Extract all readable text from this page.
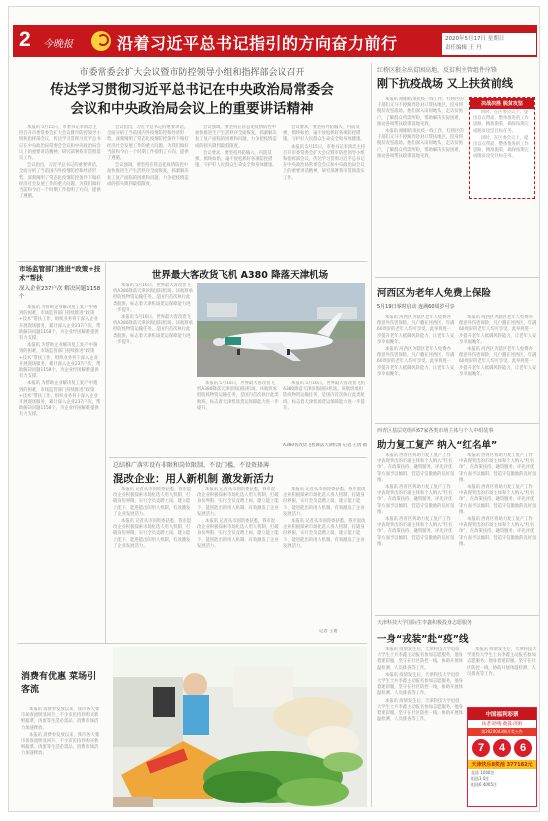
2 今晚报	沿着习近平总书记指引的方向奋力前行	2020年5月17日 星期日
责任编辑 王 丹
市委常委会扩大会议暨市防控领导小组和指挥部会议召开
传达学习贯彻习近平总书记在中央政治局常委会
会议和中央政治局会议上的重要讲话精神

本报讯 5月15日，市委书记李鸿忠主持召开市委常委会扩大会议暨市防控领导小组和指挥部会议，传达学习贯彻习近平总书记在中央政治局常委会会议和中央政治局会议上的重要讲话精神，研究部署我市贯彻落实工作。

会议指出，习近平总书记的重要讲话，全面分析了当前国内外疫情防控和经济形势，深刻阐明了常态化疫情防控条件下做好经济社会发展工作的重大问题，为我们做好当前和今后一个时期工作指明了方向、提供了遵循。

会议指出，习近平总书记的重要讲话，全面分析了当前国内外疫情防控和经济形势，深刻阐明了常态化疫情防控条件下做好经济社会发展工作的重大问题，为我们做好当前和今后一个时期工作指明了方向、提供了遵循。

会议强调，要坚持在常态化疫情防控中加快推进生产生活秩序全面恢复，抓紧解决复工复产面临的困难和问题，力争把疫情造成的损失降到最低限度。

会议强调，要坚持在常态化疫情防控中加快推进生产生活秩序全面恢复，抓紧解决复工复产面临的困难和问题，力争把疫情造成的损失降到最低限度。

会议要求，要坚持外防输入、内防反弹，慎终如始、毫不放松抓好各项防控措施，守护好人民群众生命安全和身体健康。

会议要求，要坚持外防输入、内防反弹，慎终如始、毫不放松抓好各项防控措施，守护好人民群众生命安全和身体健康。

本报讯 5月15日，市委书记李鸿忠主持召开市委常委会扩大会议暨市防控领导小组和指挥部会议，传达学习贯彻习近平总书记在中央政治局常委会会议和中央政治局会议上的重要讲话精神，研究部署我市贯彻落实工作。

红桥区狠全出贫困高地，反贫利主管组件序锋
刚下抗疫战场 又上扶贫前线

本报讯 刚刚结束抗疫一线工作，红桥区的干部们又马不停蹄奔赴对口帮扶地区，投身到脱贫攻坚战场。他们深入田间地头，走访贫困户，了解群众所需所盼，帮助解决实际困难，推动各项帮扶政策落地见效。

本报讯 刚刚结束抗疫一线工作，红桥区的干部们又马不停蹄奔赴对口帮扶地区，投身到脱贫攻坚战场。他们深入田间地头，走访贫困户，了解群众所需所盼，帮助解决实际困难，推动各项帮扶政策落地见效。

决战决胜 脱贫攻坚

同时，在区委会议上，提出以点带面、整体推进的工作思路，精准施策，确保按期完成脱贫攻坚目标任务。

同时，在区委会议上，提出以点带面、整体推进的工作思路，精准施策，确保按期完成脱贫攻坚目标任务。

市场监管部门推进“政策+技术”帮扶
深入企业237户次 解决问题1158个

本报讯 为帮助企业解决复工复产中遇到的困难，市场监管部门持续推进“政策+技术”帮扶工作，组织业务骨干深入企业开展现场服务，累计深入企业237户次，帮助解决问题1158个，为企业纾困解难提供有力支撑。

本报讯 为帮助企业解决复工复产中遇到的困难，市场监管部门持续推进“政策+技术”帮扶工作，组织业务骨干深入企业开展现场服务，累计深入企业237户次，帮助解决问题1158个，为企业纾困解难提供有力支撑。

本报讯 为帮助企业解决复工复产中遇到的困难，市场监管部门持续推进“政策+技术”帮扶工作，组织业务骨干深入企业开展现场服务，累计深入企业237户次，帮助解决问题1158个，为企业纾困解难提供有力支撑。

世界最大客改货飞机 A380 降落天津机场

本报讯 5月16日，世界最大客改货飞机A380降落天津滨海国际机场。该航班承担防疫物资运输任务，是国内首次执行此类航班，标志着天津机场货运保障能力进一步提升。

本报讯 5月16日，世界最大客改货飞机A380降落天津滨海国际机场。该航班承担防疫物资运输任务，是国内首次执行此类航班，标志着天津机场货运保障能力进一步提升。

本报讯 5月16日，世界最大客改货飞机A380降落天津滨海国际机场。该航班承担防疫物资运输任务，是国内首次执行此类航班，标志着天津机场货运保障能力进一步提升。

本报讯 5月16日，世界最大客改货飞机A380降落天津滨海国际机场。该航班承担防疫物资运输任务，是国内首次执行此类航班，标志着天津机场货运保障能力进一步提升。

A380客改货飞机降落天津机场 记者 王倩 摄
总结推广落实设有非限和岗位限制，不设门槛，不设资择薄
混改企业：用人新机制 激发新活力

本报讯 记者从市国资委获悉，我市混改企业积极探索市场化选人用人机制，打破身份界限，实行全员竞聘上岗，建立能上能下、能进能出的用人机制，有效激发了企业发展活力。

本报讯 记者从市国资委获悉，我市混改企业积极探索市场化选人用人机制，打破身份界限，实行全员竞聘上岗，建立能上能下、能进能出的用人机制，有效激发了企业发展活力。

本报讯 记者从市国资委获悉，我市混改企业积极探索市场化选人用人机制，打破身份界限，实行全员竞聘上岗，建立能上能下、能进能出的用人机制，有效激发了企业发展活力。

本报讯 记者从市国资委获悉，我市混改企业积极探索市场化选人用人机制，打破身份界限，实行全员竞聘上岗，建立能上能下、能进能出的用人机制，有效激发了企业发展活力。

本报讯 记者从市国资委获悉，我市混改企业积极探索市场化选人用人机制，打破身份界限，实行全员竞聘上岗，建立能上能下、能进能出的用人机制，有效激发了企业发展活力。

本报讯 记者从市国资委获悉，我市混改企业积极探索市场化选人用人机制，打破身份界限，实行全员竞聘上岗，建立能上能下、能进能出的用人机制，有效激发了企业发展活力。

记者 王倩
河西区为老年人免费上保险
5月19日零时启动 连满60周岁可享

本报讯 河西区为辖区老年人免费办理意外伤害保险，凡户籍在河西区、年满60周岁的老年人均可享受。此举将进一步提升老年人抵御风险能力，让老年人安享幸福晚年。

本报讯 河西区为辖区老年人免费办理意外伤害保险，凡户籍在河西区、年满60周岁的老年人均可享受。此举将进一步提升老年人抵御风险能力，让老年人安享幸福晚年。

本报讯 河西区为辖区老年人免费办理意外伤害保险，凡户籍在河西区、年满60周岁的老年人均可享受。此举将进一步提升老年人抵御风险能力，让老年人安享幸福晚年。

本报讯 河西区为辖区老年人免费办理意外伤害保险，凡户籍在河西区、年满60周岁的老年人均可享受。此举将进一步提升老年人抵御风险能力，让老年人安享幸福晚年。

西青区基层党组织67家各类市场主体与个人中组装事
助力复工复产 纳入“红名单”

本报讯 西青区将助力复工复产工作中表现突出的市场主体和个人纳入“红名单”，在政策扶持、融资服务、评先评优等方面予以倾斜，营造守信激励的良好氛围。

本报讯 西青区将助力复工复产工作中表现突出的市场主体和个人纳入“红名单”，在政策扶持、融资服务、评先评优等方面予以倾斜，营造守信激励的良好氛围。

本报讯 西青区将助力复工复产工作中表现突出的市场主体和个人纳入“红名单”，在政策扶持、融资服务、评先评优等方面予以倾斜，营造守信激励的良好氛围。

本报讯 西青区将助力复工复产工作中表现突出的市场主体和个人纳入“红名单”，在政策扶持、融资服务、评先评优等方面予以倾斜，营造守信激励的良好氛围。

本报讯 西青区将助力复工复产工作中表现突出的市场主体和个人纳入“红名单”，在政策扶持、融资服务、评先评优等方面予以倾斜，营造守信激励的良好氛围。

本报讯 西青区将助力复工复产工作中表现突出的市场主体和个人纳入“红名单”，在政策扶持、融资服务、评先评优等方面予以倾斜，营造守信激励的良好氛围。

天津科技大学国际生李鑫积极投身志愿服务
一身“戎装”赴“疫”线

本报讯 疫情发生后，天津科技大学退役大学生士兵李鑫主动报名参加志愿服务，他身着迷彩服，坚守在社区防控一线，协助开展体温检测、人员排查等工作。

本报讯 疫情发生后，天津科技大学退役大学生士兵李鑫主动报名参加志愿服务，他身着迷彩服，坚守在社区防控一线，协助开展体温检测、人员排查等工作。

本报讯 疫情发生后，天津科技大学退役大学生士兵李鑫主动报名参加志愿服务，他身着迷彩服，坚守在社区防控一线，协助开展体温检测、人员排查等工作。

本报讯 疫情发生后，天津科技大学退役大学生士兵李鑫主动报名参加志愿服务，他身着迷彩服，坚守在社区防控一线，协助开展体温检测、人员排查等工作。

消费有优惠 菜场引客流

本报讯 消费券发放以来，我市各大菜市场客流明显回升，不少市民持券购买新鲜蔬菜、肉蛋等生活必需品，消费市场活力加速释放。

本报讯 消费券发放以来，我市各大菜市场客流明显回升，不少市民持券购买新鲜蔬菜、肉蛋等生活必需品，消费市场活力加速释放。

中国福利彩票
扶老·助残·救孤·济困
第2020043期开奖公告
7	4	6
天津快乐8奖池 377182元
直选 1040注
组选3 0注
组选6 4005注
